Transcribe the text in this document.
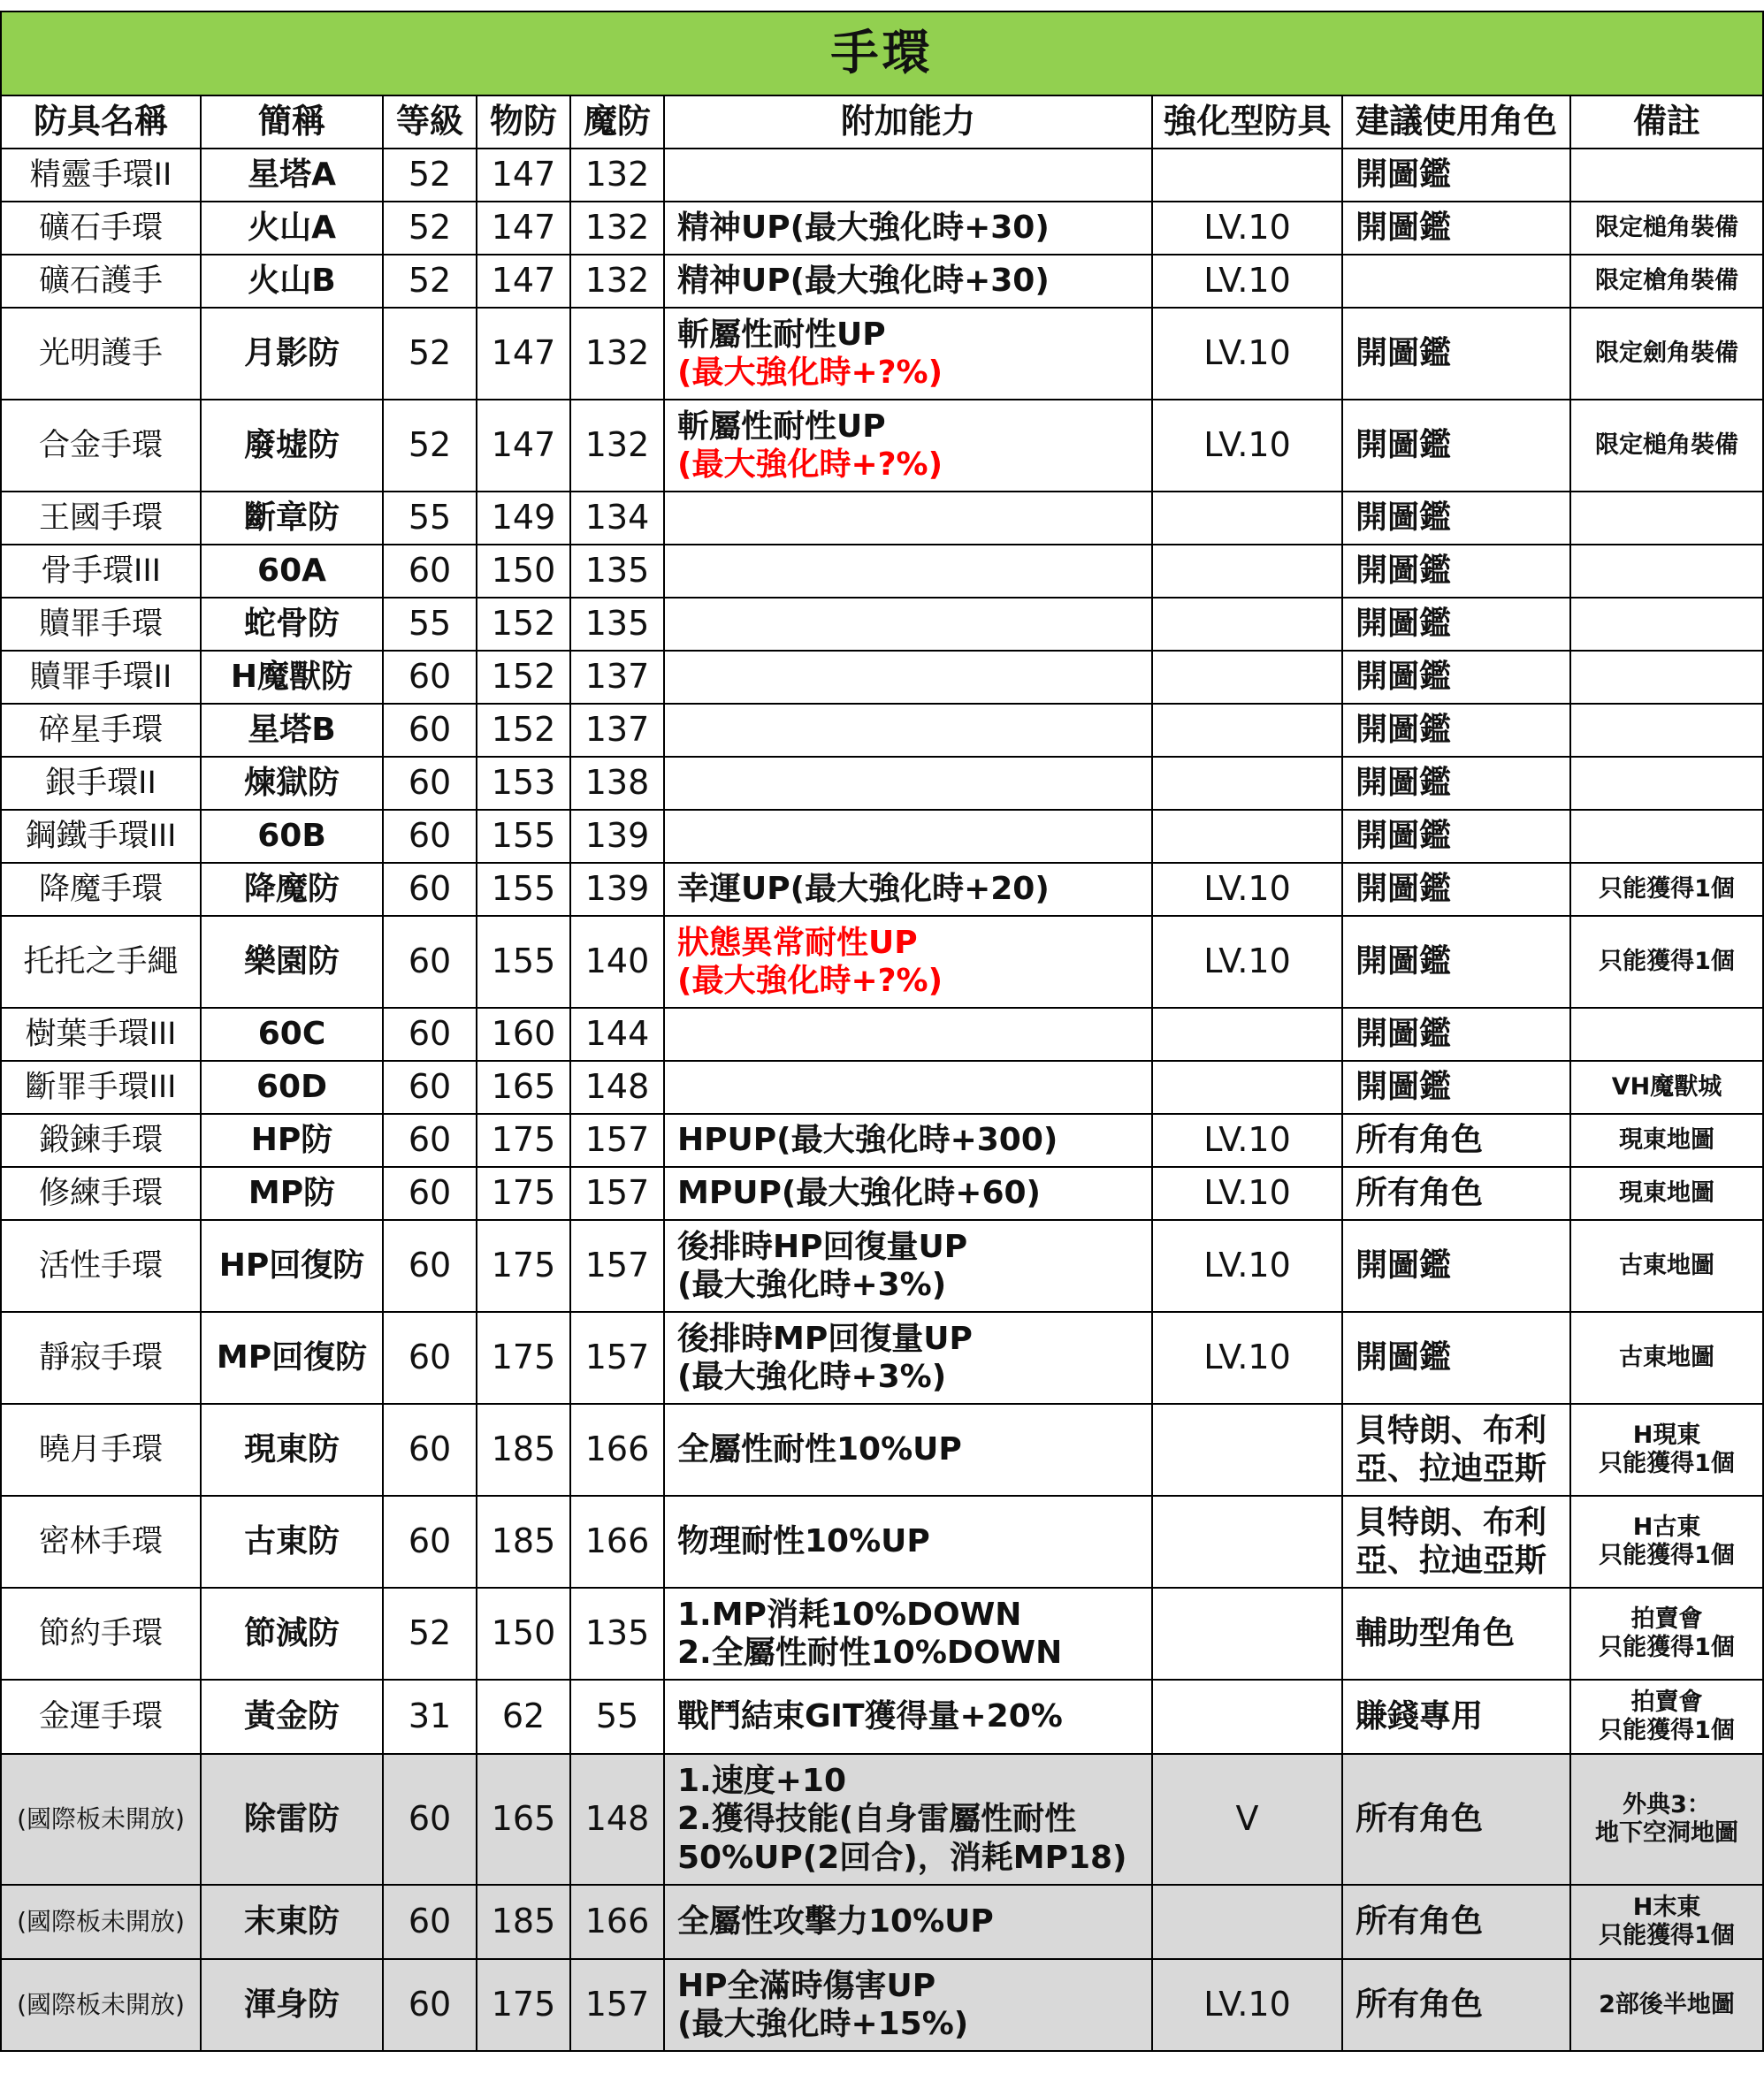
手環								
防具名稱	簡稱	等級	物防	魔防	附加能力	強化型防具	建議使用角色	備註
精靈手環II	星塔A	52	147	132			開圖鑑	

礦石手環	火山A	52	147	132	精神UP(最大強化時+30)	LV.10	開圖鑑	限定槌角裝備

礦石護手	火山B	52	147	132	精神UP(最大強化時+30)	LV.10		限定槍角裝備

光明護手	月影防	52	147	132	斬屬性耐性UP
(最大強化時+?%)	LV.10	開圖鑑	限定劍角裝備

合金手環	廢墟防	52	147	132	斬屬性耐性UP
(最大強化時+?%)	LV.10	開圖鑑	限定槌角裝備

王國手環	斷章防	55	149	134			開圖鑑	

骨手環III	60A	60	150	135			開圖鑑	

贖罪手環	蛇骨防	55	152	135			開圖鑑	

贖罪手環II	H魔獸防	60	152	137			開圖鑑	

碎星手環	星塔B	60	152	137			開圖鑑	

銀手環II	煉獄防	60	153	138			開圖鑑	

鋼鐵手環III	60B	60	155	139			開圖鑑	

降魔手環	降魔防	60	155	139	幸運UP(最大強化時+20)	LV.10	開圖鑑	只能獲得1個

托托之手繩	樂園防	60	155	140	狀態異常耐性UP
(最大強化時+?%)	LV.10	開圖鑑	只能獲得1個

樹葉手環III	60C	60	160	144			開圖鑑	

斷罪手環III	60D	60	165	148			開圖鑑	VH魔獸城

鍛鍊手環	HP防	60	175	157	HPUP(最大強化時+300)	LV.10	所有角色	現東地圖

修練手環	MP防	60	175	157	MPUP(最大強化時+60)	LV.10	所有角色	現東地圖

活性手環	HP回復防	60	175	157	後排時HP回復量UP
(最大強化時+3%)	LV.10	開圖鑑	古東地圖

靜寂手環	MP回復防	60	175	157	後排時MP回復量UP
(最大強化時+3%)	LV.10	開圖鑑	古東地圖

曉月手環	現東防	60	185	166	全屬性耐性10%UP		貝特朗、布利
亞、拉迪亞斯	H現東
只能獲得1個

密林手環	古東防	60	185	166	物理耐性10%UP		貝特朗、布利
亞、拉迪亞斯	H古東
只能獲得1個

節約手環	節減防	52	150	135	1.MP消耗10%DOWN
2.全屬性耐性10%DOWN		輔助型角色	拍賣會
只能獲得1個

金運手環	黃金防	31	62	55	戰鬥結束GIT獲得量+20%		賺錢專用	拍賣會
只能獲得1個

(國際板未開放)	除雷防	60	165	148	1.速度+10
2.獲得技能(自身雷屬性耐性
50%UP(2回合)，消耗MP18)	V	所有角色	外典3：
地下空洞地圖

(國際板未開放)	末東防	60	185	166	全屬性攻擊力10%UP		所有角色	H末東
只能獲得1個

(國際板未開放)	渾身防	60	175	157	HP全滿時傷害UP
(最大強化時+15%)	LV.10	所有角色	2部後半地圖
